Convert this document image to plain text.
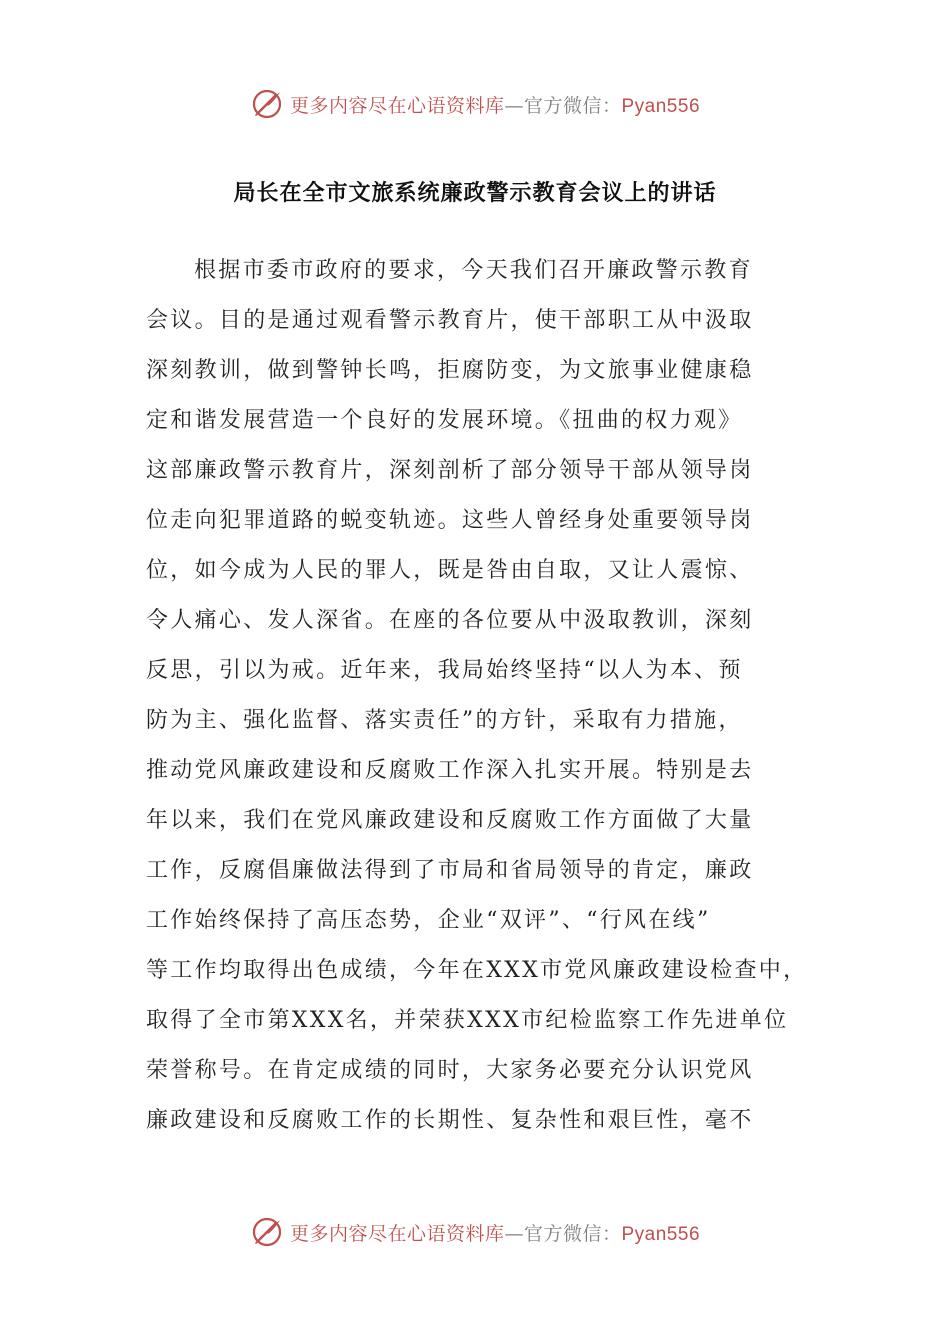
更多内容尽在心语资料库—官方微信：Pyan556
局长在全市文旅系统廉政警示教育会议上的讲话
根据市委市政府的要求，今天我们召开廉政警示教育
会议。目的是通过观看警示教育片，使干部职工从中汲取
深刻教训，做到警钟长鸣，拒腐防变，为文旅事业健康稳
定和谐发展营造一个良好的发展环境。《扭曲的权力观》
这部廉政警示教育片，深刻剖析了部分领导干部从领导岗
位走向犯罪道路的蜕变轨迹。这些人曾经身处重要领导岗
位，如今成为人民的罪人，既是咎由自取，又让人震惊、
令人痛心、发人深省。在座的各位要从中汲取教训，深刻
反思，引以为戒。近年来，我局始终坚持“以人为本、预
防为主、强化监督、落实责任”的方针，采取有力措施，
推动党风廉政建设和反腐败工作深入扎实开展。特别是去
年以来，我们在党风廉政建设和反腐败工作方面做了大量
工作，反腐倡廉做法得到了市局和省局领导的肯定，廉政
工作始终保持了高压态势，企业“双评”、“行风在线”
等工作均取得出色成绩，今年在XXX市党风廉政建设检查中，
取得了全市第XXX名，并荣获XXX市纪检监察工作先进单位
荣誉称号。在肯定成绩的同时，大家务必要充分认识党风
廉政建设和反腐败工作的长期性、复杂性和艰巨性，毫不
更多内容尽在心语资料库—官方微信：Pyan556
